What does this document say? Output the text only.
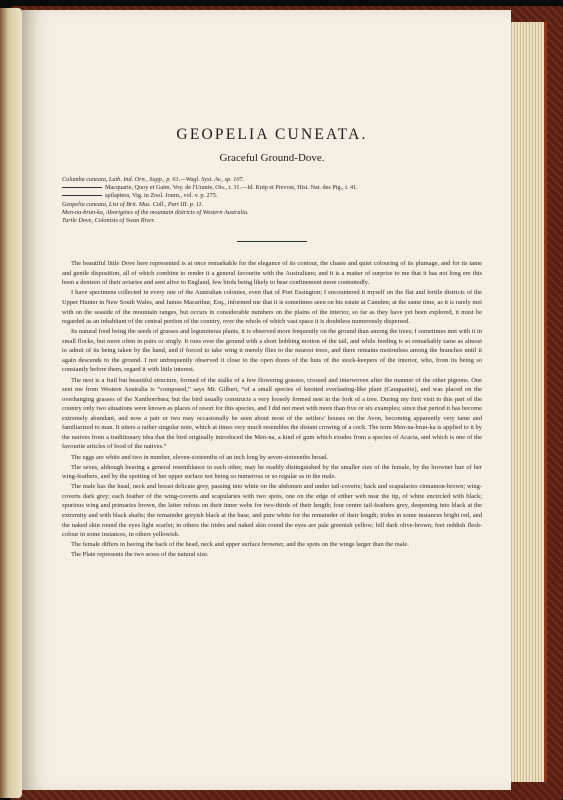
GEOPELIA CUNEATA.
Graceful Ground-Dove.
Columba cuneata, Lath. Ind. Orn., Supp., p. 61.—Wagl. Syst. Av., sp. 107.
Macquarie, Quoy et Gaim. Voy. de l'Uranie, Ois., t. 31.—Id. Knip et Prevost, Hist. Nat. des Pig., t. 41.
spilaptera, Vig. in Zool. Journ., vol. v. p. 275.
Geopelia cuneata, List of Brit. Mus. Coll., Part III. p. 11.
Men-na-brun-ka, Aborigines of the mountain districts of Western Australia.
Turtle Dove, Colonists of Swan River.

The beautiful little Dove here represented is at once remarkable for the elegance of its contour, the chaste and quiet colouring of its plumage, and for its tame and gentle disposition, all of which combine to render it a general favourite with the Australians; and it is a matter of surprise to me that it has not long ere this been a denizen of their aviaries and sent alive to England, few birds being likely to bear confinement more contentedly.

I have specimens collected in every one of the Australian colonies, even that of Port Essington; I encountered it myself on the flat and fertile districts of the Upper Hunter in New South Wales, and James Macarthur, Esq., informed me that it is sometimes seen on his estate at Camden; at the same time, as it is rarely met with on the seaside of the mountain ranges, but occurs in considerable numbers on the plains of the interior, so far as they have yet been explored, it must be regarded as an inhabitant of the central portion of the country, over the whole of which vast space it is doubtless numerously dispersed.

Its natural food being the seeds of grasses and leguminous plants, it is observed more frequently on the ground than among the trees; I sometimes met with it in small flocks, but more often in pairs or singly. It runs over the ground with a short bobbing motion of the tail, and while feeding is so remarkably tame as almost to admit of its being taken by the hand, and if forced to take wing it merely flies to the nearest trees, and there remains motionless among the branches until it again descends to the ground. I not unfrequently observed it close to the open doors of the huts of the stock-keepers of the interior, who, from its being so constantly before them, regard it with little interest.

The nest is a frail but beautiful structure, formed of the stalks of a few flowering grasses, crossed and interwoven after the manner of the other pigeons. One sent me from Western Australia is “composed,” says Mr. Gilbert, “of a small species of knotted everlasting-like plant (Cauquaiite), and was placed on the overhanging grasses of the Xanthorrhœa; but the bird usually constructs a very loosely formed nest in the fork of a tree. During my first visit to this part of the country only two situations were known as places of resort for this species, and I did not meet with more than five or six examples; since that period it has become extremely abundant, and now a pair or two may occasionally be seen about most of the settlers' houses on the Avon, becoming apparently very tame and familiarized to man. It utters a rather singular note, which at times very much resembles the distant crowing of a cock. The term Men-na-brun-ka is applied to it by the natives from a traditionary idea that the bird originally introduced the Men-na, a kind of gum which exudes from a species of Acacia, and which is one of the favourite articles of food of the natives.”

The eggs are white and two in number, eleven-sixteenths of an inch long by seven-sixteenths broad.

The sexes, although bearing a general resemblance to each other, may be readily distinguished by the smaller size of the female, by the browner hue of her wing-feathers, and by the spotting of her upper surface not being so numerous or so regular as in the male.

The male has the head, neck and breast delicate grey, passing into white on the abdomen and under tail-coverts; back and scapularies cinnamon-brown; wing-coverts dark grey; each feather of the wing-coverts and scapularies with two spots, one on the edge of either web near the tip, of white encircled with black; spurious wing and primaries brown, the latter rufous on their inner webs for two-thirds of their length; four centre tail-feathers grey, deepening into black at the extremity and with black shafts; the remainder greyish black at the base, and pure white for the remainder of their length; irides in some instances bright red, and the naked skin round the eyes light scarlet; in others the irides and naked skin round the eyes are pale greenish yellow; bill dark olive-brown; feet reddish flesh-colour in some instances, in others yellowish.

The female differs in having the back of the head, neck and upper surface browner, and the spots on the wings larger than the male.

The Plate represents the two sexes of the natural size.
